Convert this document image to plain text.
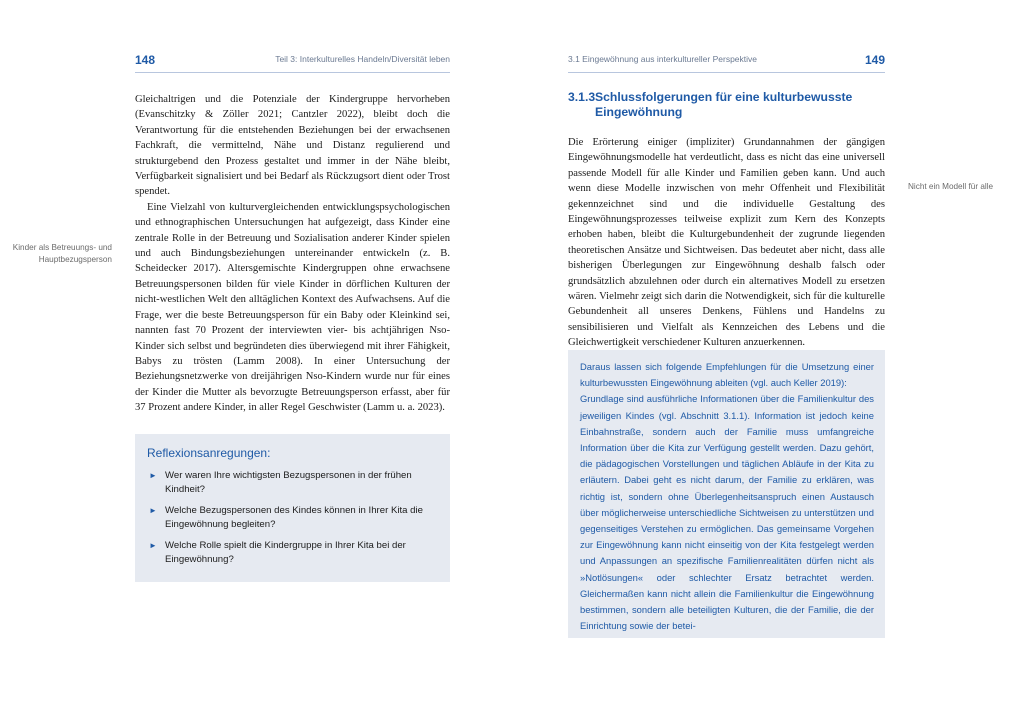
148	Teil 3: Interkulturelles Handeln/Diversität leben
Kinder als Betreuungs- und Hauptbezugsperson

Gleichaltrigen und die Potenziale der Kindergruppe hervorheben (Evanschitzky & Zöller 2021; Cantzler 2022), bleibt doch die Verantwortung für die entstehenden Beziehungen bei der erwachsenen Fachkraft, die vermittelnd, Nähe und Distanz regulierend und strukturgebend den Prozess gestaltet und immer in der Nähe bleibt, Verfügbarkeit signalisiert und bei Bedarf als Rückzugsort dient oder Trost spendet.

Eine Vielzahl von kulturvergleichenden entwicklungspsychologischen und ethnographischen Untersuchungen hat aufgezeigt, dass Kinder eine zentrale Rolle in der Betreuung und Sozialisation anderer Kinder spielen und auch Bindungsbeziehungen untereinander entwickeln (z. B. Scheidecker 2017). Altersgemischte Kindergruppen ohne erwachsene Betreuungspersonen bilden für viele Kinder in dörflichen Kulturen der nicht-westlichen Welt den alltäglichen Kontext des Aufwachsens. Auf die Frage, wer die beste Betreuungsperson für ein Baby oder Kleinkind sei, nannten fast 70 Prozent der interviewten vier- bis achtjährigen Nso-Kinder sich selbst und begründeten dies überwiegend mit ihrer Fähigkeit, Babys zu trösten (Lamm 2008). In einer Untersuchung der Beziehungsnetzwerke von dreijährigen Nso-Kindern wurde nur für eines der Kinder die Mutter als bevorzugte Betreuungsperson erfasst, aber für 37 Prozent andere Kinder, in aller Regel Geschwister (Lamm u. a. 2023).

Reflexionsanregungen:
► Wer waren Ihre wichtigsten Bezugspersonen in der frühen Kindheit?
► Welche Bezugspersonen des Kindes können in Ihrer Kita die Eingewöhnung begleiten?
► Welche Rolle spielt die Kindergruppe in Ihrer Kita bei der Eingewöhnung?
3.1 Eingewöhnung aus interkultureller Perspektive	149
3.1.3 Schlussfolgerungen für eine kulturbewusste Eingewöhnung
Nicht ein Modell für alle

Die Erörterung einiger (impliziter) Grundannahmen der gängigen Eingewöhnungsmodelle hat verdeutlicht, dass es nicht das eine universell passende Modell für alle Kinder und Familien geben kann. Und auch wenn diese Modelle inzwischen von mehr Offenheit und Flexibilität gekennzeichnet sind und die individuelle Gestaltung des Eingewöhnungsprozesses teilweise explizit zum Kern des Konzepts erhoben haben, bleibt die Kulturgebundenheit der zugrunde liegenden theoretischen Ansätze und Sichtweisen. Das bedeutet aber nicht, dass alle bisherigen Überlegungen zur Eingewöhnung deshalb falsch oder grundsätzlich abzulehnen oder durch ein alternatives Modell zu ersetzen wären. Vielmehr zeigt sich darin die Notwendigkeit, sich für die kulturelle Gebundenheit all unseres Denkens, Fühlens und Handelns zu sensibilisieren und Vielfalt als Kennzeichen des Lebens und die Gleichwertigkeit verschiedener Kulturen anzuerkennen.

Daraus lassen sich folgende Empfehlungen für die Umsetzung einer kulturbewussten Eingewöhnung ableiten (vgl. auch Keller 2019):

Grundlage sind ausführliche Informationen über die Familienkultur des jeweiligen Kindes (vgl. Abschnitt 3.1.1). Information ist jedoch keine Einbahnstraße, sondern auch der Familie muss umfangreiche Information über die Kita zur Verfügung gestellt werden. Dazu gehört, die pädagogischen Vorstellungen und täglichen Abläufe in der Kita zu erläutern. Dabei geht es nicht darum, der Familie zu erklären, was richtig ist, sondern ohne Überlegenheitsanspruch einen Austausch über möglicherweise unterschiedliche Sichtweisen zu unterstützen und gegenseitiges Verstehen zu ermöglichen. Das gemeinsame Vorgehen zur Eingewöhnung kann nicht einseitig von der Kita festgelegt werden und Anpassungen an spezifische Familienrealitäten dürfen nicht als »Notlösungen« oder schlechter Ersatz betrachtet werden. Gleichermaßen kann nicht allein die Familienkultur die Eingewöhnung bestimmen, sondern alle beteiligten Kulturen, die der Familie, die der Einrichtung sowie der betei-
